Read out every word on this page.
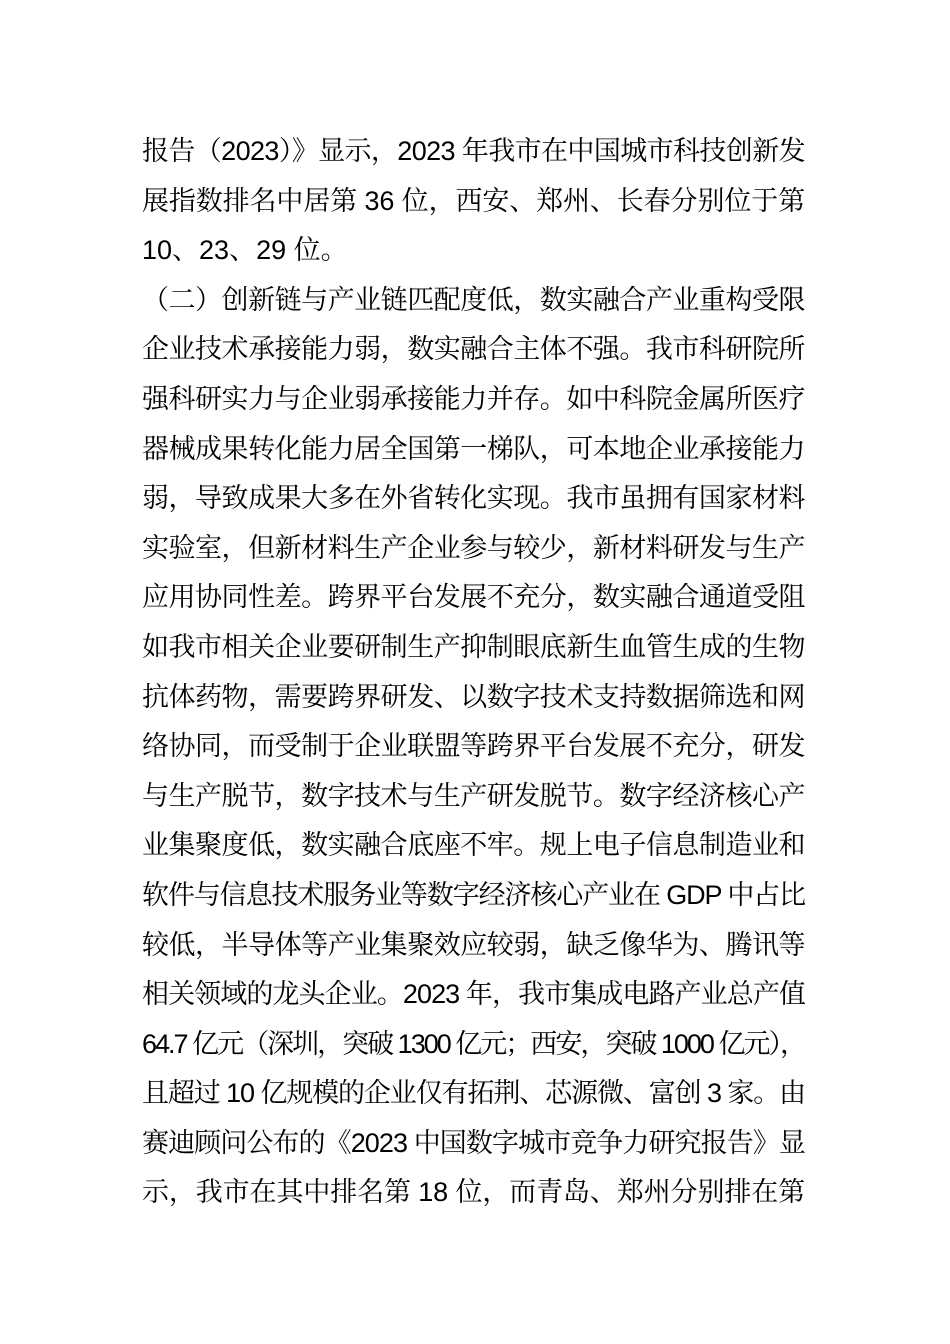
报告（2023）》显示，2023 年我市在中国城市科技创新发
展指数排名中居第 36 位，西安、郑州、长春分别位于第
10、23、29 位。
（二）创新链与产业链匹配度低，数实融合产业重构受限
企业技术承接能力弱，数实融合主体不强。我市科研院所
强科研实力与企业弱承接能力并存。如中科院金属所医疗
器械成果转化能力居全国第一梯队，可本地企业承接能力
弱，导致成果大多在外省转化实现。我市虽拥有国家材料
实验室，但新材料生产企业参与较少，新材料研发与生产
应用协同性差。跨界平台发展不充分，数实融合通道受阻
如我市相关企业要研制生产抑制眼底新生血管生成的生物
抗体药物，需要跨界研发、以数字技术支持数据筛选和网
络协同，而受制于企业联盟等跨界平台发展不充分，研发
与生产脱节，数字技术与生产研发脱节。数字经济核心产
业集聚度低，数实融合底座不牢。规上电子信息制造业和
软件与信息技术服务业等数字经济核心产业在 GDP 中占比
较低，半导体等产业集聚效应较弱，缺乏像华为、腾讯等
相关领域的龙头企业。2023 年，我市集成电路产业总产值
64.7 亿元（深圳，突破 1300 亿元；西安，突破 1000 亿元），
且超过 10 亿规模的企业仅有拓荆、芯源微、富创 3 家。由
赛迪顾问公布的《2023 中国数字城市竞争力研究报告》显
示，我市在其中排名第 18 位，而青岛、郑州分别排在第
